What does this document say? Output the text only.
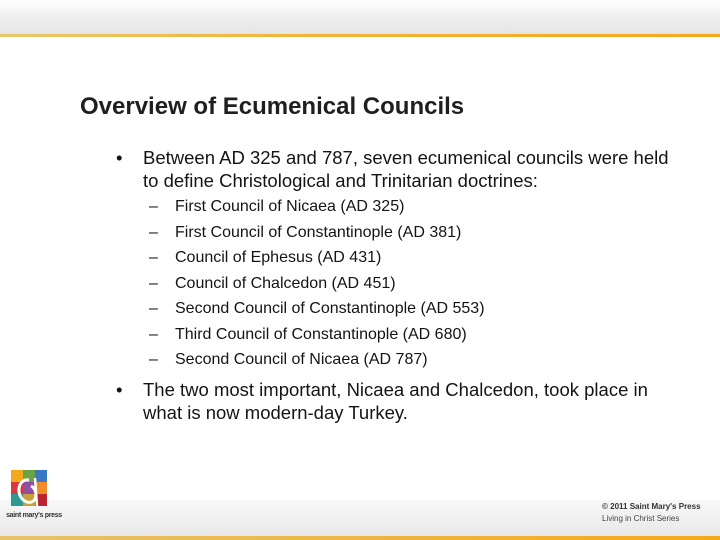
Overview of Ecumenical Councils
• Between AD 325 and 787, seven ecumenical councils were held to define Christological and Trinitarian doctrines:
– First Council of Nicaea (AD 325)
– First Council of Constantinople (AD 381)
– Council of Ephesus (AD 431)
– Council of Chalcedon (AD 451)
– Second Council of Constantinople (AD 553)
– Third Council of Constantinople (AD 680)
– Second Council of Nicaea (AD 787)
• The two most important, Nicaea and Chalcedon, took place in what is now modern-day Turkey.
saint mary's press
© 2011 Saint Mary's Press
Living in Christ Series
